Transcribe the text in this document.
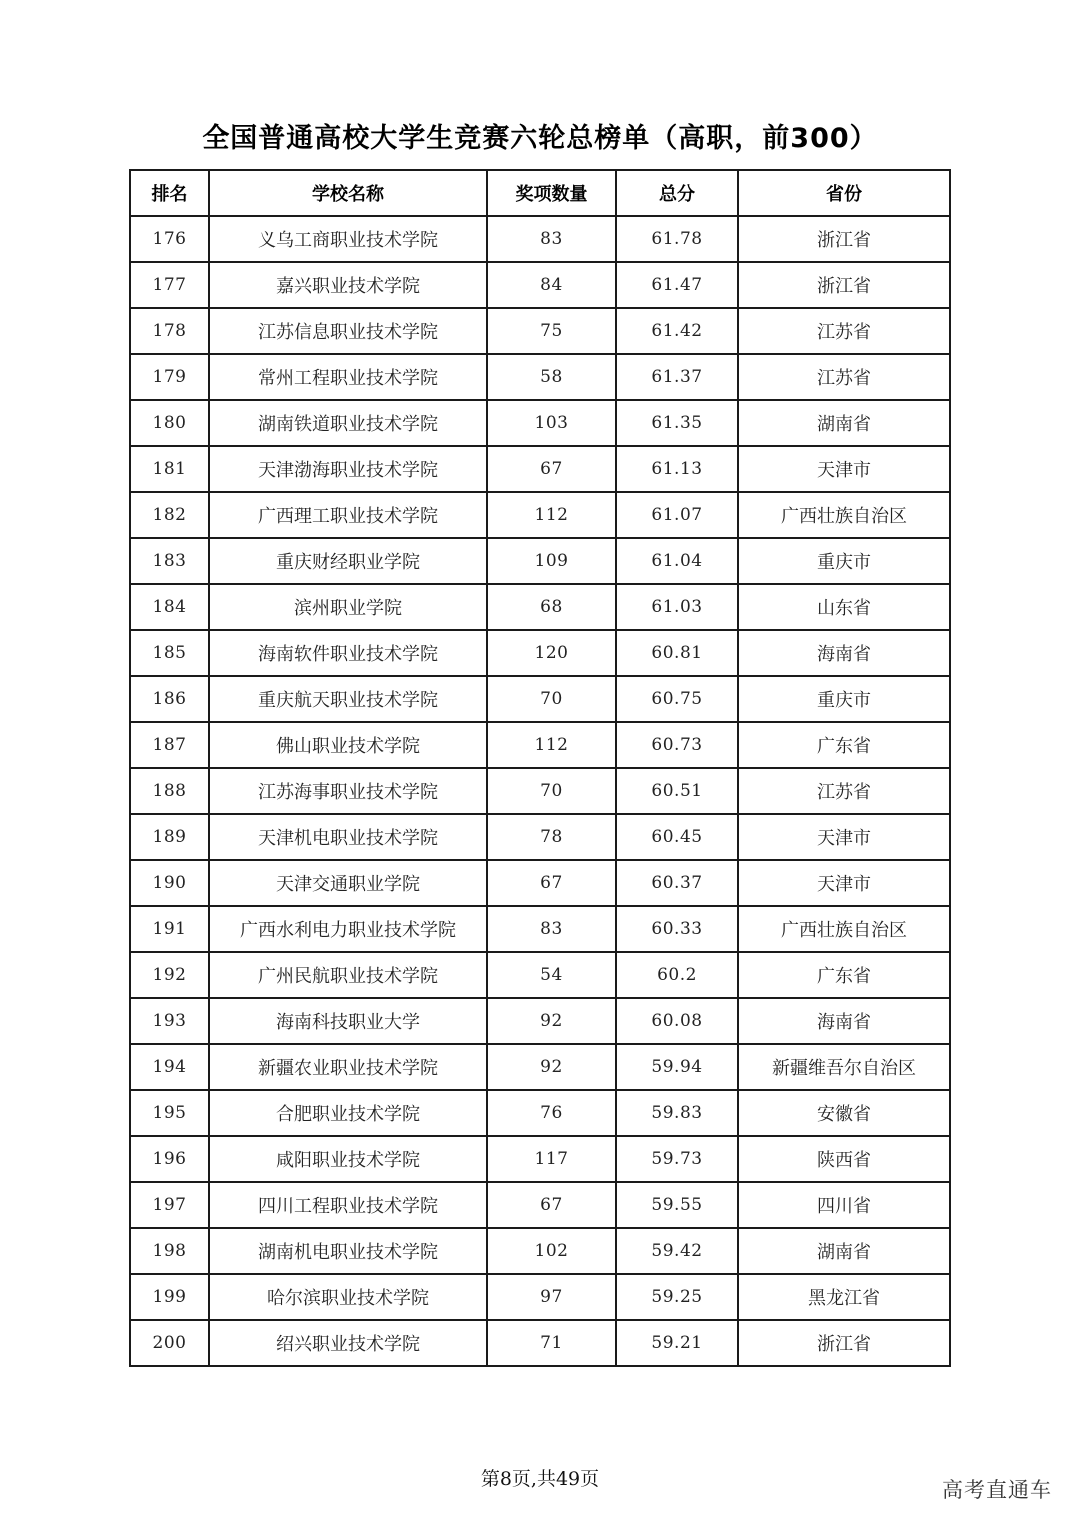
全国普通高校大学生竞赛六轮总榜单（高职，前300）
排名	学校名称	奖项数量	总分	省份
176	义乌工商职业技术学院	83	61.78	浙江省
177	嘉兴职业技术学院	84	61.47	浙江省
178	江苏信息职业技术学院	75	61.42	江苏省
179	常州工程职业技术学院	58	61.37	江苏省
180	湖南铁道职业技术学院	103	61.35	湖南省
181	天津渤海职业技术学院	67	61.13	天津市
182	广西理工职业技术学院	112	61.07	广西壮族自治区
183	重庆财经职业学院	109	61.04	重庆市
184	滨州职业学院	68	61.03	山东省
185	海南软件职业技术学院	120	60.81	海南省
186	重庆航天职业技术学院	70	60.75	重庆市
187	佛山职业技术学院	112	60.73	广东省
188	江苏海事职业技术学院	70	60.51	江苏省
189	天津机电职业技术学院	78	60.45	天津市
190	天津交通职业学院	67	60.37	天津市
191	广西水利电力职业技术学院	83	60.33	广西壮族自治区
192	广州民航职业技术学院	54	60.2	广东省
193	海南科技职业大学	92	60.08	海南省
194	新疆农业职业技术学院	92	59.94	新疆维吾尔自治区
195	合肥职业技术学院	76	59.83	安徽省
196	咸阳职业技术学院	117	59.73	陕西省
197	四川工程职业技术学院	67	59.55	四川省
198	湖南机电职业技术学院	102	59.42	湖南省
199	哈尔滨职业技术学院	97	59.25	黑龙江省
200	绍兴职业技术学院	71	59.21	浙江省
第8页,共49页	高考直通车
